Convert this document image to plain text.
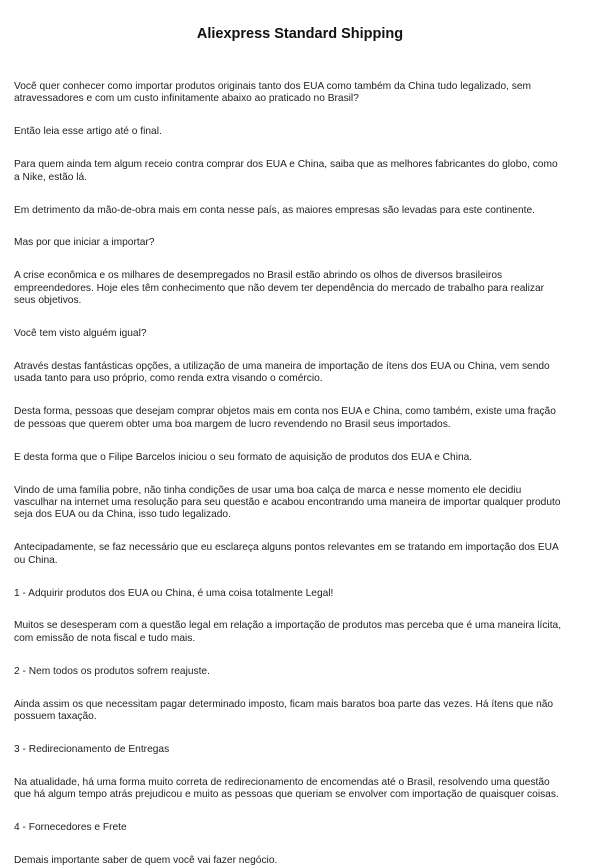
Aliexpress Standard Shipping

Você quer conhecer como importar produtos originais tanto dos EUA como também da China tudo legalizado, sem atravessadores e com um custo infinitamente abaixo ao praticado no Brasil?

Então leia esse artigo até o final.

Para quem ainda tem algum receio contra comprar dos EUA e China, saiba que as melhores fabricantes do globo, como a Nike, estão lá.

Em detrimento da mão-de-obra mais em conta nesse país, as maiores empresas são levadas para este continente.

Mas por que iniciar a importar?

A crise econômica e os milhares de desempregados no Brasil estão abrindo os olhos de diversos brasileiros empreendedores. Hoje eles têm conhecimento que não devem ter dependência do mercado de trabalho para realizar seus objetivos.

Você tem visto alguém igual?

Através destas fantásticas opções, a utilização de uma maneira de importação de ítens dos EUA ou China, vem sendo usada tanto para uso próprio, como renda extra visando o comércio.

Desta forma, pessoas que desejam comprar objetos mais em conta nos EUA e China, como também, existe uma fração de pessoas que querem obter uma boa margem de lucro revendendo no Brasil seus importados.

E desta forma que o Filipe Barcelos iniciou o seu formato de aquisição de produtos dos EUA e China.

Vindo de uma família pobre, não tinha condições de usar uma boa calça de marca e nesse momento ele decidiu vasculhar na internet uma resolução para seu questão e acabou encontrando uma maneira de importar qualquer produto seja dos EUA ou da China, isso tudo legalizado.

Antecipadamente, se faz necessário que eu esclareça alguns pontos relevantes em se tratando em importação dos EUA ou China.

1 - Adquirir produtos dos EUA ou China, é uma coisa totalmente Legal!

Muitos se desesperam com a questão legal em relação a importação de produtos mas perceba que é uma maneira lícita, com emissão de nota fiscal e tudo mais.

2 - Nem todos os produtos sofrem reajuste.

Ainda assim os que necessitam pagar determinado imposto, ficam mais baratos boa parte das vezes. Há ítens que não possuem taxação.

3 - Redirecionamento de Entregas

Na atualidade, há uma forma muito correta de redirecionamento de encomendas até o Brasil, resolvendo uma questão que há algum tempo atrás prejudicou e muito as pessoas que queriam se envolver com importação de quaisquer coisas.

4 - Fornecedores e Frete

Demais importante saber de quem você vai fazer negócio.
